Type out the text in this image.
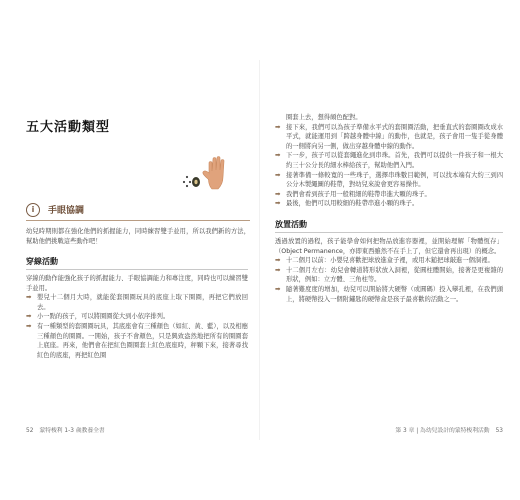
五大活動類型
i	手眼協調

幼兒時期則都在強化他們的抓握能力，同時練習雙手並用，所以我們新的方法，幫助他們挑戰這些動作吧！

穿線活動

穿線的動作能強化孩子的抓握能力、手眼協調能力和專注度，同時也可以練習雙手並用。

➡ 嬰兒十二個月大時，就能從套圈圈玩具的底座上取下圈圈，再把它們放回去。
➡ 小一點的孩子，可以將圈圈從大到小依序排列。
➡ 有一種類型的套圈圈玩具，其底座會有三種顏色（如紅、黃、藍），以及相應三種顏色的圈圈。一開始，孩子不會顏色，只是興致盎然地把所有的圈圈套上底座。再來，他們會在把紅色圈圈套上紅色底座時，秤顆下來，接著尋找紅色的底座，再把紅色圈
52 蒙特梭利 1-3 歲教養全書

圈套上去，想得頗色配對。

➡ 接下來，我們可以為孩子準備水平式的套圈圈活動，把垂直式的套圈圈改成水平式，就能運用到「跨越身體中線」的動作，也就是，孩子會用一隻手從身體的一側將向另一側，做出穿越身體中線的動作。
➡ 下一步，孩子可以從套繩進化到串珠。首先，我們可以提供一件孩子和一根大約三十公分長的細水棒給孩子，幫助他們入門。
➡ 接著準備一條較寬的一些珠子，選擇串珠數目範例，可以找本端有大約三到四公分木製繩圖的鞋帶，對幼兒來說會更容易操作。
➡ 我們會看到孩子用一般粗細的鞋帶串進大顆的珠子。
➡ 最後，他們可以用較細的鞋帶串進小顆的珠子。
放置活動

透過放置的過程，孩子能學會如何把物品放進容器裡，並開始理解「物體恆存」（Object Permanence，亦即東西雖然不在手上了，但它還會再出現）的概念。

➡ 十二個月以前：小嬰兒喜歡把球放進盒子裡，或用木鎚把球敲進一個洞裡。
➡ 十二個月左右：幼兒會轉道將形狀放入洞裡，從圓柱體開始，接著是更複雜的形狀，例如：立方體、三角柱等。
➡ 隨著難度度的增加，幼兒可以開始將大硬幣（或圓碼）投入孿孔裡，在我們頭上，將硬幣投入一個附鏽匙的硬幣盒是孩子最喜歡的活動之一。
第 3 章 | 為幼兒設計的蒙特梭利活動 53
